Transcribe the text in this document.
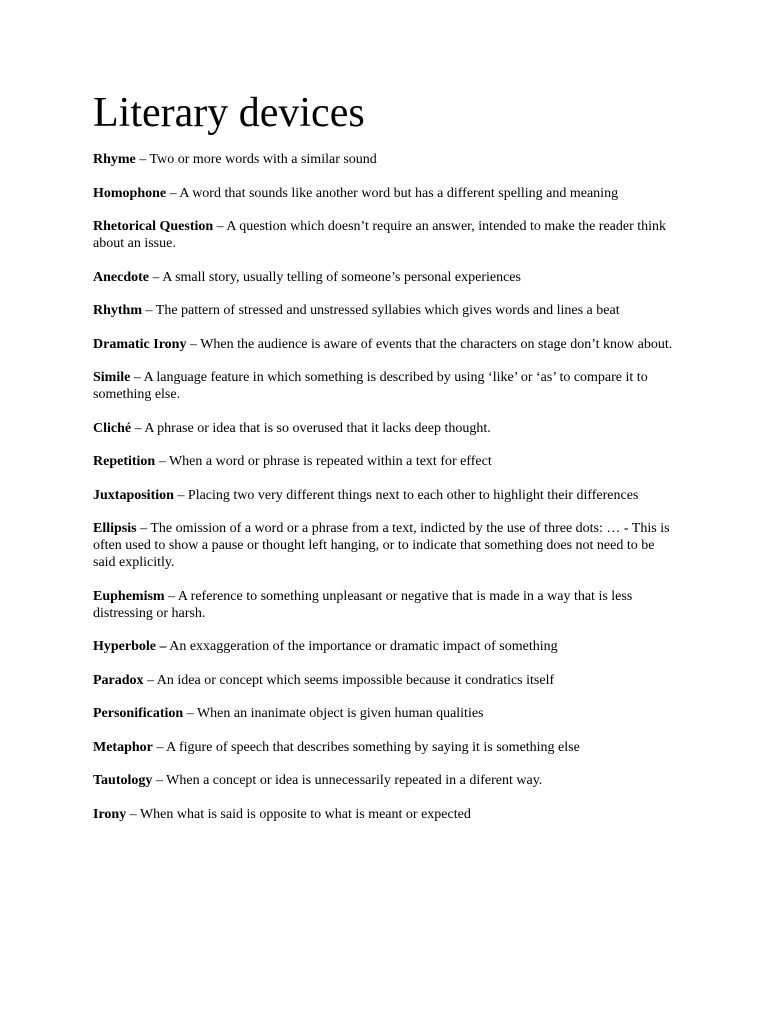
Literary devices

Rhyme – Two or more words with a similar sound

Homophone – A word that sounds like another word but has a different spelling and meaning

Rhetorical Question – A question which doesn’t require an answer, intended to make the reader think about an issue.

Anecdote – A small story, usually telling of someone’s personal experiences

Rhythm – The pattern of stressed and unstressed syllabies which gives words and lines a beat

Dramatic Irony – When the audience is aware of events that the characters on stage don’t know about.

Simile – A language feature in which something is described by using ‘like’ or ‘as’ to compare it to something else.

Cliché – A phrase or idea that is so overused that it lacks deep thought.

Repetition – When a word or phrase is repeated within a text for effect

Juxtaposition – Placing two very different things next to each other to highlight their differences

Ellipsis – The omission of a word or a phrase from a text, indicted by the use of three dots: … - This is often used to show a pause or thought left hanging, or to indicate that something does not need to be said explicitly.

Euphemism – A reference to something unpleasant or negative that is made in a way that is less distressing or harsh.

Hyperbole – An exxaggeration of the importance or dramatic impact of something

Paradox – An idea or concept which seems impossible because it condratics itself

Personification – When an inanimate object is given human qualities

Metaphor – A figure of speech that describes something by saying it is something else

Tautology – When a concept or idea is unnecessarily repeated in a diferent way.

Irony – When what is said is opposite to what is meant or expected
